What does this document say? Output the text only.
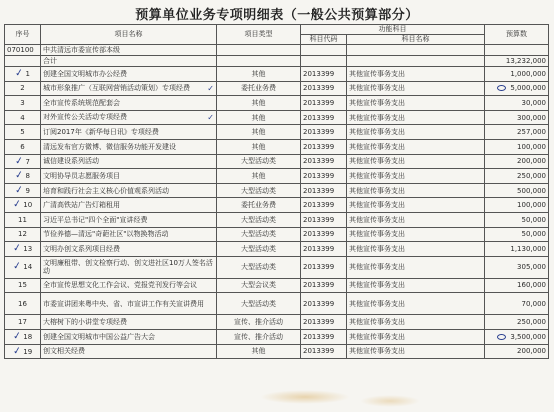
预算单位业务专项明细表（一般公共预算部分）
序号	项目名称	项目类型	功能科目		预算数
			科目代码	科目名称	
070100	中共清远市委宣传部本级				
	合计				13,232,000
✓1	创建全国文明城市办公经费	其他	2013399	其他宣传事务支出	1,000,000
2	城市形象推广（互联网营销活动策划）专项经费 ✓	委托业务费	2013399	其他宣传事务支出	5,000,000
3	全市宣传系统规范配套会	其他	2013399	其他宣传事务支出	30,000
4	对外宣传公关活动专项经费 ✓	其他	2013399	其他宣传事务支出	300,000
5	订阅2017年《新华每日讯》专项经费	其他	2013399	其他宣传事务支出	257,000
6	清远发布官方微博、微信服务功能开发建设	其他	2013399	其他宣传事务支出	100,000
✓7	诚信建设系列活动	大型活动类	2013399	其他宣传事务支出	200,000
✓8	文明协导员志愿服务项目	其他	2013399	其他宣传事务支出	250,000
✓9	培育和践行社会主义核心价值观系列活动	大型活动类	2013399	其他宣传事务支出	500,000
✓10	广清高铁站广告灯箱租用	委托业务费	2013399	其他宣传事务支出	100,000
11	习近平总书记"四个全面"宣讲经费	大型活动类	2013399	其他宣传事务支出	50,000
12	节俭养德—清远"奇葩社区"以物换物活动	大型活动类	2013399	其他宣传事务支出	50,000
✓13	文明办创文系列项目经费	大型活动类	2013399	其他宣传事务支出	1,130,000
✓14	文明廉租带、创文检察行动、创文进社区10万人签名活动	大型活动类	2013399	其他宣传事务支出	305,000
15	全市宣传思想文化工作会议、党报党刊发行等会议	大型会议类	2013399	其他宣传事务支出	160,000
16	市委宣讲团来粤中央、省、市宣讲工作有关宣讲费用	大型活动类	2013399	其他宣传事务支出	70,000
17	大榕树下的小讲堂专项经费	宣传、推介活动	2013399	其他宣传事务支出	250,000
✓18	创建全国文明城市中国公益广告大会	宣传、推介活动	2013399	其他宣传事务支出	3,500,000
✓19	创文相关经费	其他	2013399	其他宣传事务支出	200,000
